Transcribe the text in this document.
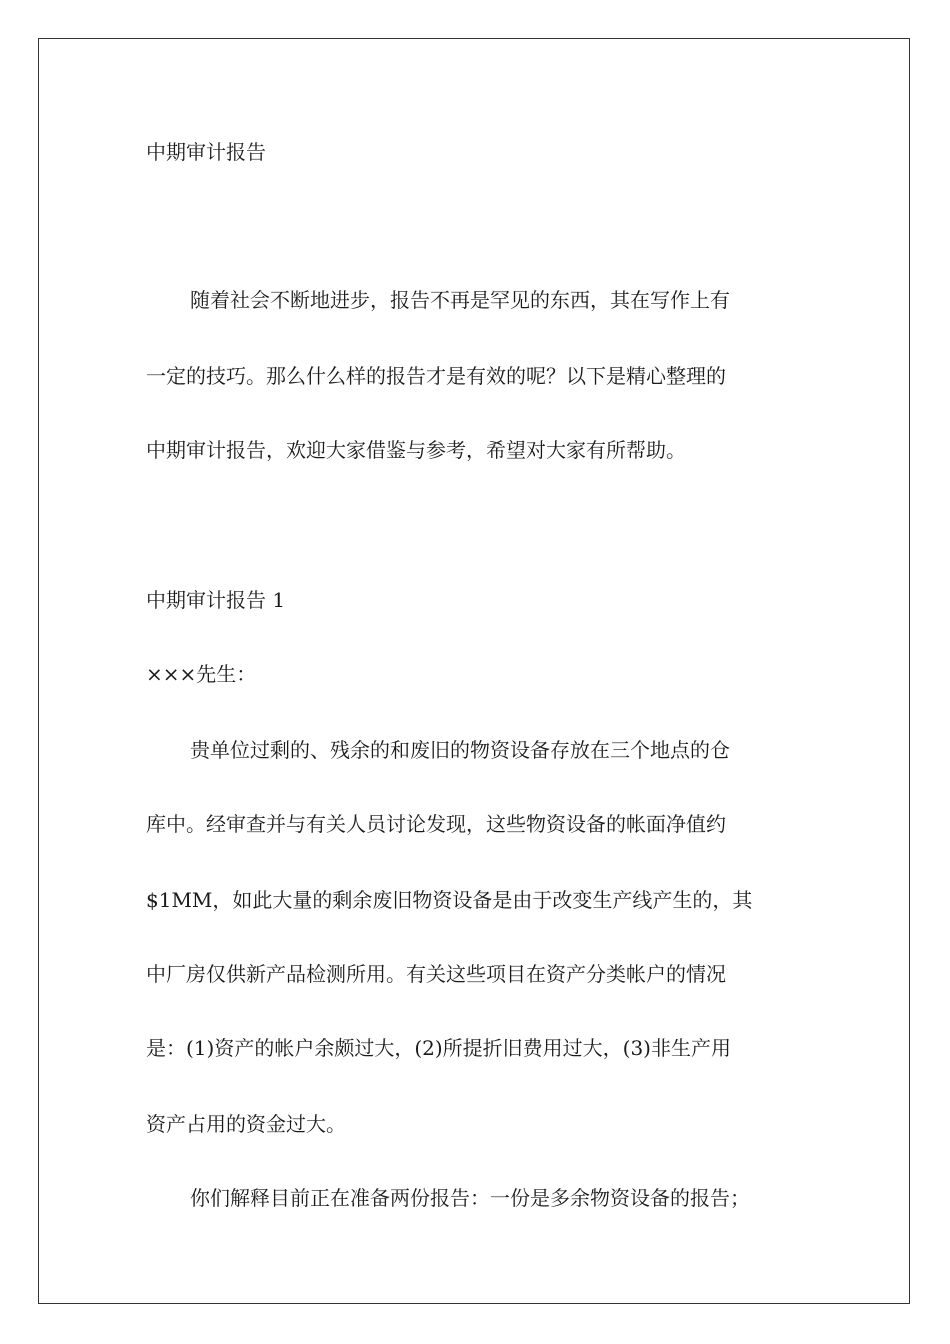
中期审计报告

随着社会不断地进步，报告不再是罕见的东西，其在写作上有

一定的技巧。那么什么样的报告才是有效的呢？以下是精心整理的

中期审计报告，欢迎大家借鉴与参考，希望对大家有所帮助。

中期审计报告 1

×××先生：

贵单位过剩的、残余的和废旧的物资设备存放在三个地点的仓

库中。经审查并与有关人员讨论发现，这些物资设备的帐面净值约

$1MM，如此大量的剩余废旧物资设备是由于改变生产线产生的，其

中厂房仅供新产品检测所用。有关这些项目在资产分类帐户的情况

是：(1)资产的帐户余颇过大，(2)所提折旧费用过大，(3)非生产用

资产占用的资金过大。

你们解释目前正在准备两份报告：一份是多余物资设备的报告；
